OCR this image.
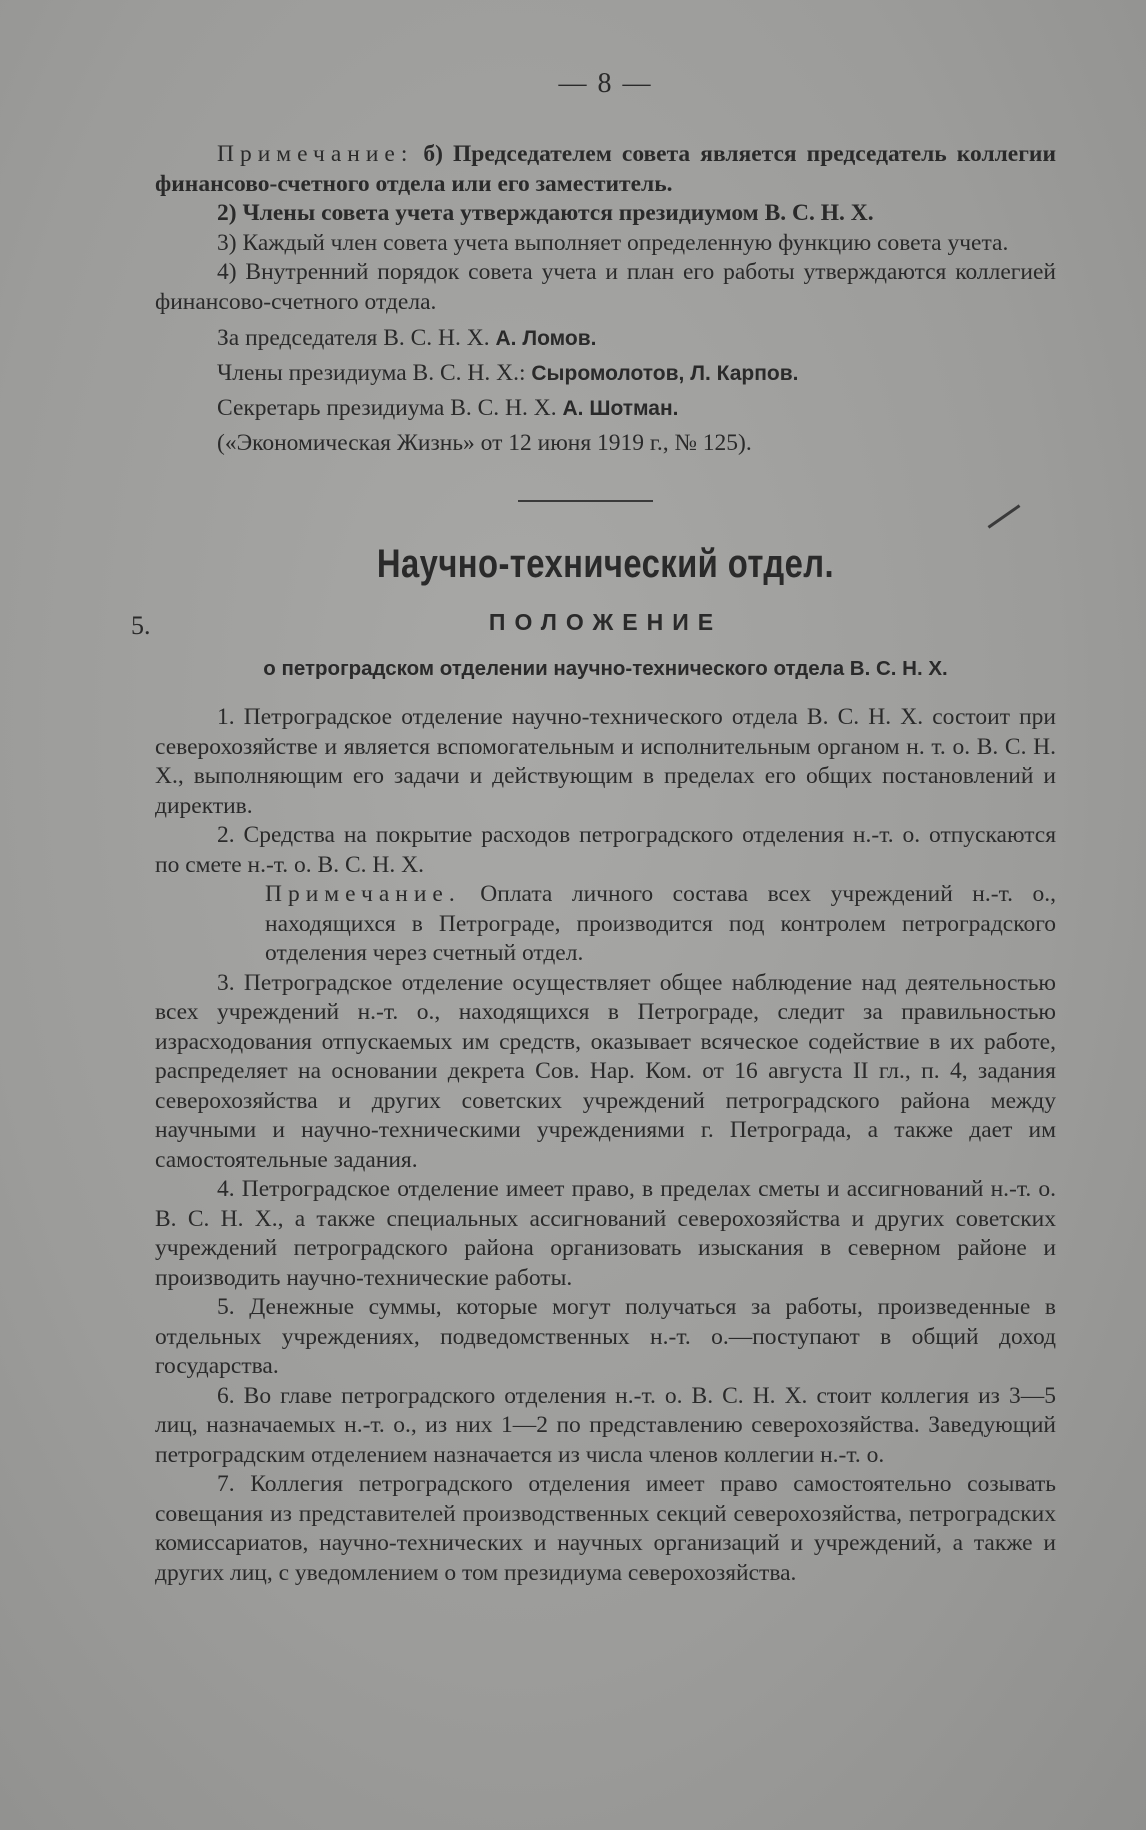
— 8 —

Примечание: б) Председателем совета является председатель коллегии финансово-счетного отдела или его заместитель.

2) Члены совета учета утверждаются президиумом В. С. Н. Х.

3) Каждый член совета учета выполняет определенную функцию совета учета.

4) Внутренний порядок совета учета и план его работы утверждаются коллегией финансово-счетного отдела.

За председателя В. С. Н. Х. А. Ломов.

Члены президиума В. С. Н. Х.: Сыромолотов, Л. Карпов.

Секретарь президиума В. С. Н. Х. А. Шотман.

(«Экономическая Жизнь» от 12 июня 1919 г., № 125).

Научно-технический отдел.
5.	ПОЛОЖЕНИЕ
о петроградском отделении научно-техничеcкого отдела В. С. Н. Х.

1. Петроградское отделение научно-технического отдела В. С. Н. Х. состоит при северохозяйстве и является вспомогательным и исполнительным органом н. т. о. В. С. Н. Х., выполняющим его задачи и действующим в пределах его общих постановлений и директив.

2. Средства на покрытие расходов петроградского отделения н.-т. о. отпускаются по смете н.-т. о. В. С. Н. Х.

Примечание. Оплата личного состава всех учреждений н.-т. о., находящихся в Петрограде, производится под контролем петроградского отделения через счетный отдел.

3. Петроградское отделение осуществляет общее наблюдение над деятельностью всех учреждений н.-т. о., находящихся в Петрограде, следит за правильностью израсходования отпускаемых им средств, оказывает всяческое содействие в их работе, распределяет на основании декрета Сов. Нар. Ком. от 16 августа II гл., п. 4, задания северохозяйства и других советских учреждений петроградского района между научными и научно-техническими учреждениями г. Петрограда, а также дает им самостоятельные задания.

4. Петроградское отделение имеет право, в пределах сметы и ассигнований н.-т. о. В. С. Н. Х., а также специальных ассигнований северохозяйства и других советских учреждений петроградского района организовать изыскания в северном районе и производить научно-технические работы.

5. Денежные суммы, которые могут получаться за работы, произведенные в отдельных учреждениях, подведомственных н.-т. о.—поступают в общий доход государства.

6. Во главе петроградского отделения н.-т. о. В. С. Н. Х. стоит коллегия из 3—5 лиц, назначаемых н.-т. о., из них 1—2 по представлению северохозяйства. Заведующий петроградским отделением назначается из числа членов коллегии н.-т. о.

7. Коллегия петроградского отделения имеет право самостоятельно созывать совещания из представителей производственных секций северохозяйства, петроградских комиссариатов, научно-технических и научных организаций и учреждений, а также и других лиц, с уведомлением о том президиума северохозяйства.
